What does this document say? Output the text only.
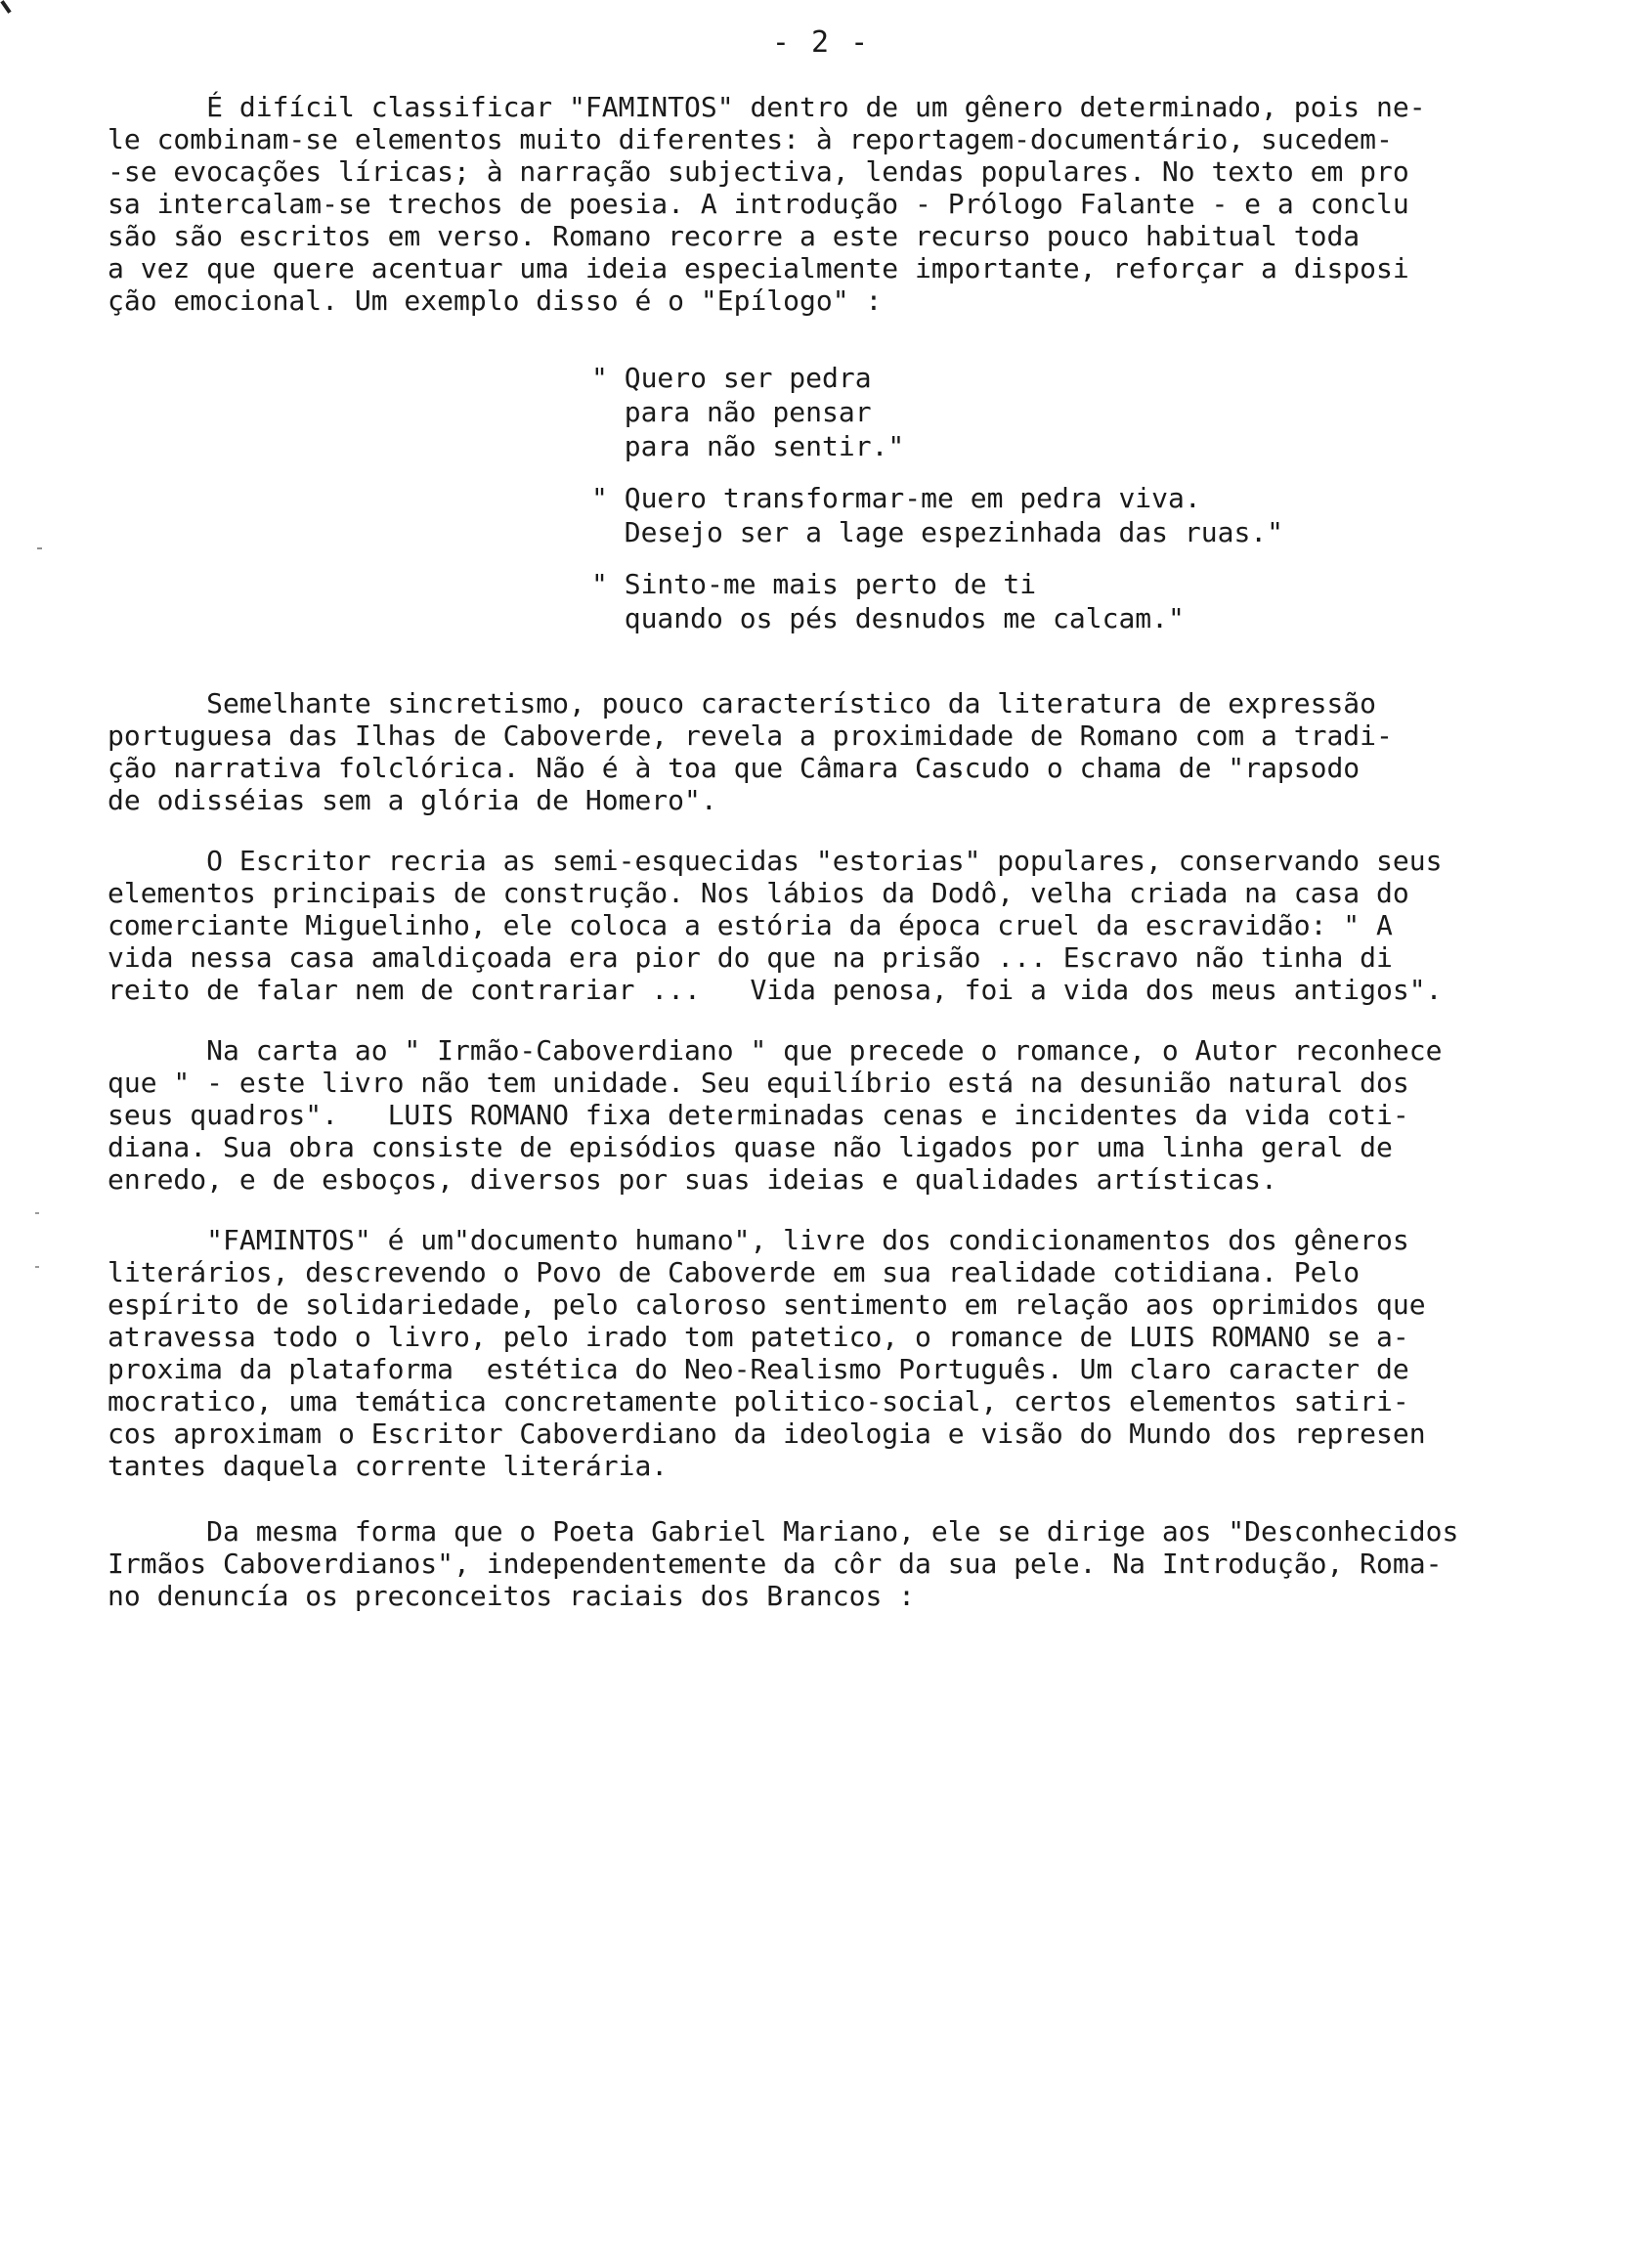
- 2 -
É difícil classificar "FAMINTOS" dentro de um gênero determinado, pois ne-
le combinam-se elementos muito diferentes: à reportagem-documentário, sucedem-
-se evocações líricas; à narração subjectiva, lendas populares. No texto em pro
sa intercalam-se trechos de poesia. A introdução - Prólogo Falante - e a conclu
são são escritos em verso. Romano recorre a este recurso pouco habitual toda
a vez que quere acentuar uma ideia especialmente importante, reforçar a disposi
ção emocional. Um exemplo disso é o "Epílogo" :
" Quero ser pedra
para não pensar
para não sentir."
" Quero transformar-me em pedra viva.
Desejo ser a lage espezinhada das ruas."
" Sinto-me mais perto de ti
quando os pés desnudos me calcam."
Semelhante sincretismo, pouco característico da literatura de expressão
portuguesa das Ilhas de Caboverde, revela a proximidade de Romano com a tradi-
ção narrativa folclórica. Não é à toa que Câmara Cascudo o chama de "rapsodo
de odisséias sem a glória de Homero".
O Escritor recria as semi-esquecidas "estorias" populares, conservando seus
elementos principais de construção. Nos lábios da Dodô, velha criada na casa do
comerciante Miguelinho, ele coloca a estória da época cruel da escravidão: " A
vida nessa casa amaldiçoada era pior do que na prisão ... Escravo não tinha di
reito de falar nem de contrariar ...   Vida penosa, foi a vida dos meus antigos".
Na carta ao " Irmão-Caboverdiano " que precede o romance, o Autor reconhece
que " - este livro não tem unidade. Seu equilíbrio está na desunião natural dos
seus quadros".   LUIS ROMANO fixa determinadas cenas e incidentes da vida coti-
diana. Sua obra consiste de episódios quase não ligados por uma linha geral de
enredo, e de esboços, diversos por suas ideias e qualidades artísticas.
"FAMINTOS" é um"documento humano", livre dos condicionamentos dos gêneros
literários, descrevendo o Povo de Caboverde em sua realidade cotidiana. Pelo
espírito de solidariedade, pelo caloroso sentimento em relação aos oprimidos que
atravessa todo o livro, pelo irado tom patetico, o romance de LUIS ROMANO se a-
proxima da plataforma  estética do Neo-Realismo Português. Um claro caracter de
mocratico, uma temática concretamente politico-social, certos elementos satiri-
cos aproximam o Escritor Caboverdiano da ideologia e visão do Mundo dos represen
tantes daquela corrente literária.
Da mesma forma que o Poeta Gabriel Mariano, ele se dirige aos "Desconhecidos
Irmãos Caboverdianos", independentemente da côr da sua pele. Na Introdução, Roma-
no denuncía os preconceitos raciais dos Brancos :
